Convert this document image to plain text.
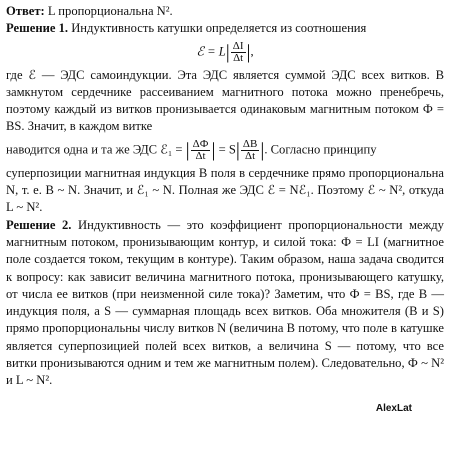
Ответ: L пропорциональна N².

Решение 1. Индуктивность катушки определяется из соотношения

ℰ = $L| \frac{\Delta I}{\Delta t}$ |,

где ℰ — ЭДС самоиндукции. Эта ЭДС является суммой ЭДС всех витков. В замкнутом сердечнике рассеиванием магнитного потока можно пренебречь, поэтому каждый из витков пронизывается одинаковым магнитным потоком Ф = BS. Значит, в каждом витке

наводится одна и та же ЭДС ℰ₁ = | $\frac{\Delta Ф}{\Delta t}$ | = $S| \frac{\Delta B}{\Delta t}$ |. Согласно принципу

суперпозиции магнитная индукция B поля в сердечнике прямо пропорциональна N, т. е. B ~ N. Значит, и ℰ₁ ~ N. Полная же ЭДС ℰ = Nℰ₁. Поэтому ℰ ~ N², откуда L ~ N².

Решение 2. Индуктивность — это коэффициент пропорциональности между магнитным потоком, пронизывающим контур, и силой тока: Ф = LI (магнитное поле создается током, текущим в контуре). Таким образом, наша задача сводится к вопросу: как зависит величина магнитного потока, пронизывающего катушку, от числа ее витков (при неизменной силе тока)? Заметим, что Ф = BS, где B — индукция поля, а S — суммарная площадь всех витков. Оба множителя (B и S) прямо пропорциональны числу витков N (величина B потому, что поле в катушке является суперпозицией полей всех витков, а величина S — потому, что все витки пронизываются одним и тем же магнитным полем). Следовательно, Ф ~ N² и L ~ N².

AlexLat
